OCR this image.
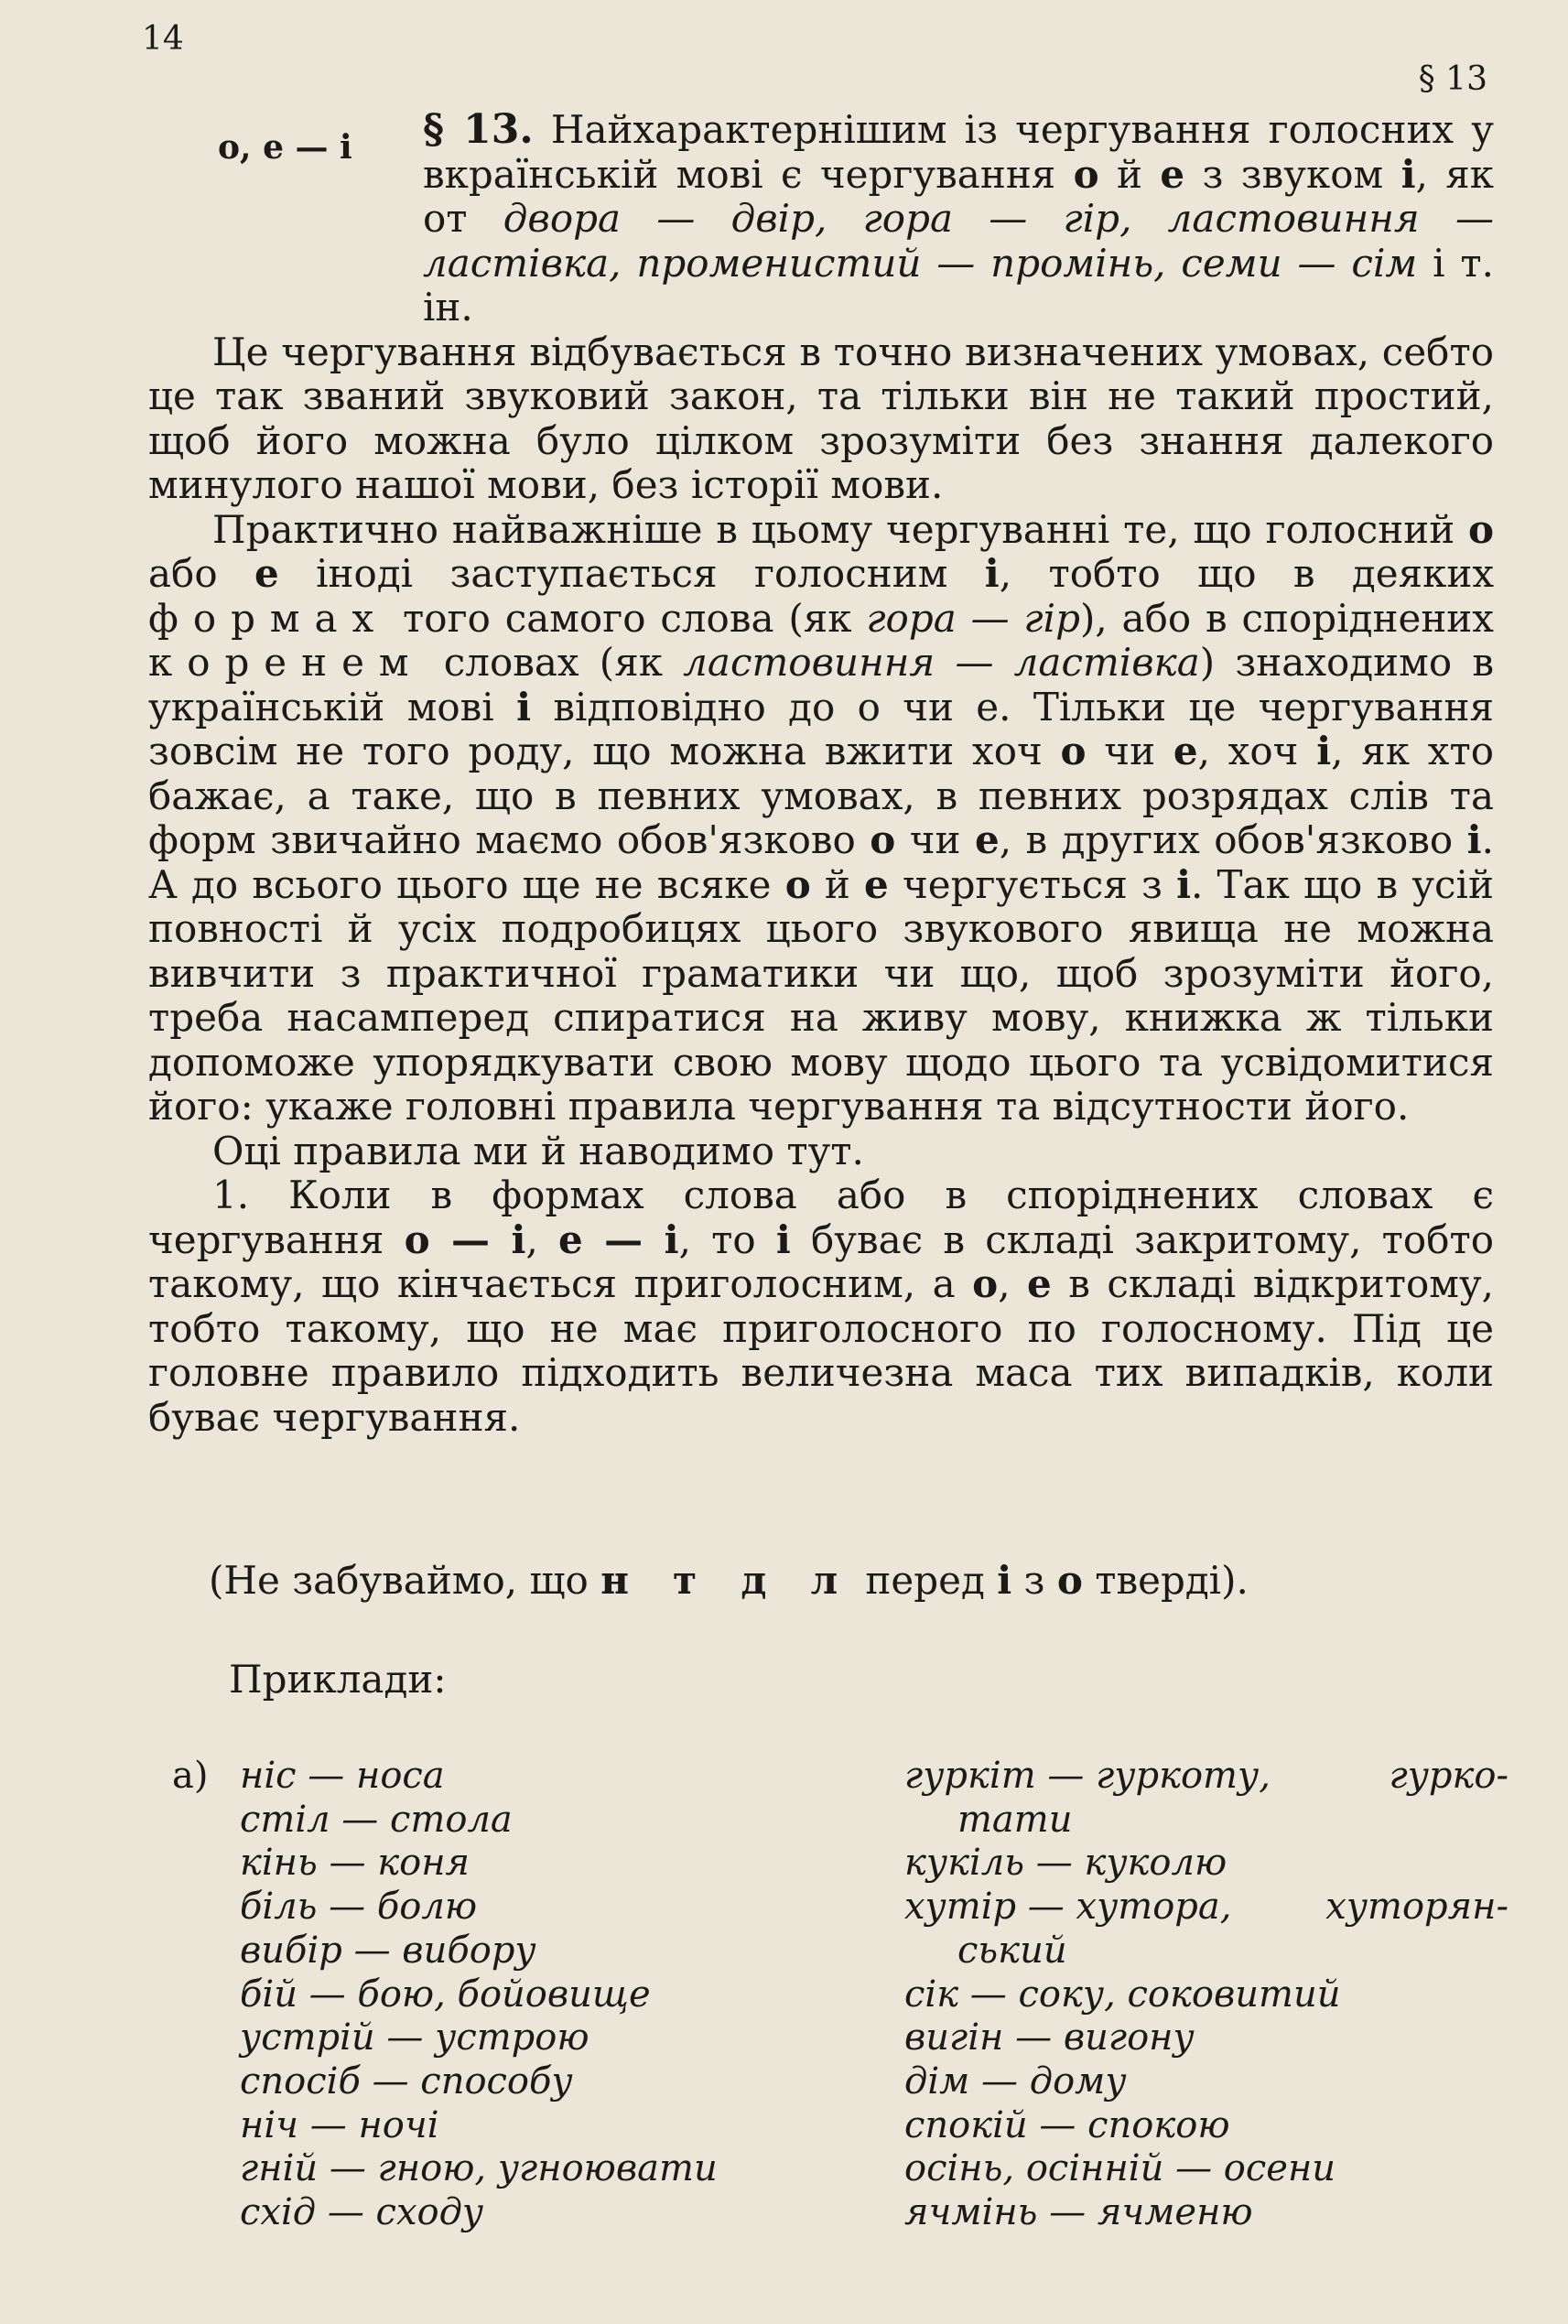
14
§ 13
о, е — і	§ 13. Найхарактернішим із чергування голосних у вкраїнській мові є чергування о й е з звуком і, як от двора — двір, гора — гір, ластовиння — ластівка, променистий — промінь, семи — сім і т. ін.

Це чергування відбувається в точно визначених умовах, себто це так званий звуковий закон, та тільки він не такий простий, щоб його можна було цілком зрозуміти без знання далекого минулого нашої мови, без історії мови.

Практично найважніше в цьому чергуванні те, що голосний о або е іноді заступається голосним і, тобто що в деяких формах того самого слова (як гора — гір), або в споріднених коренем словах (як ластовиння — ластівка) знаходимо в українській мові і відповідно до о чи е. Тільки це чергування зовсім не того роду, що можна вжити хоч о чи е, хоч і, як хто бажає, а таке, що в певних умовах, в певних розрядах слів та форм звичайно маємо обов'язково о чи е, в других обов'язково і. А до всього цього ще не всяке о й е чергується з і. Так що в усій повності й усіх подробицях цього звукового явища не можна вивчити з практичної граматики чи що, щоб зрозуміти його, треба насамперед спиратися на живу мову, книжка ж тільки допоможе упорядкувати свою мову щодо цього та усвідомитися його: укаже головні правила чергування та відсутности його.

Оці правила ми й наводимо тут.

1. Коли в формах слова або в споріднених словах є чергування о — і, е — і, то і буває в складі закритому, тобто такому, що кінчається приголосним, а о, е в складі відкритому, тобто такому, що не має приголосного по голосному. Під це головне правило підходить величезна маса тих випадків, коли буває чергування.

(Не забуваймо, що н т д л перед і з о тверді).
Приклади:
а) ніс — носа
стіл — стола
кінь — коня
біль — болю
вибір — вибору
бій — бою, бойовище
устрій — устрою
спосіб — способу
ніч — ночі
гній — гною, угноювати
схід — сходу
гуркіт — гуркоту,	гурко-
тати
кукіль — куколю
хутір — хутора,	хуторян-
ський
сік — соку, соковитий
вигін — вигону
дім — дому
спокій — спокою
осінь, осінній — осени
ячмінь — ячменю
